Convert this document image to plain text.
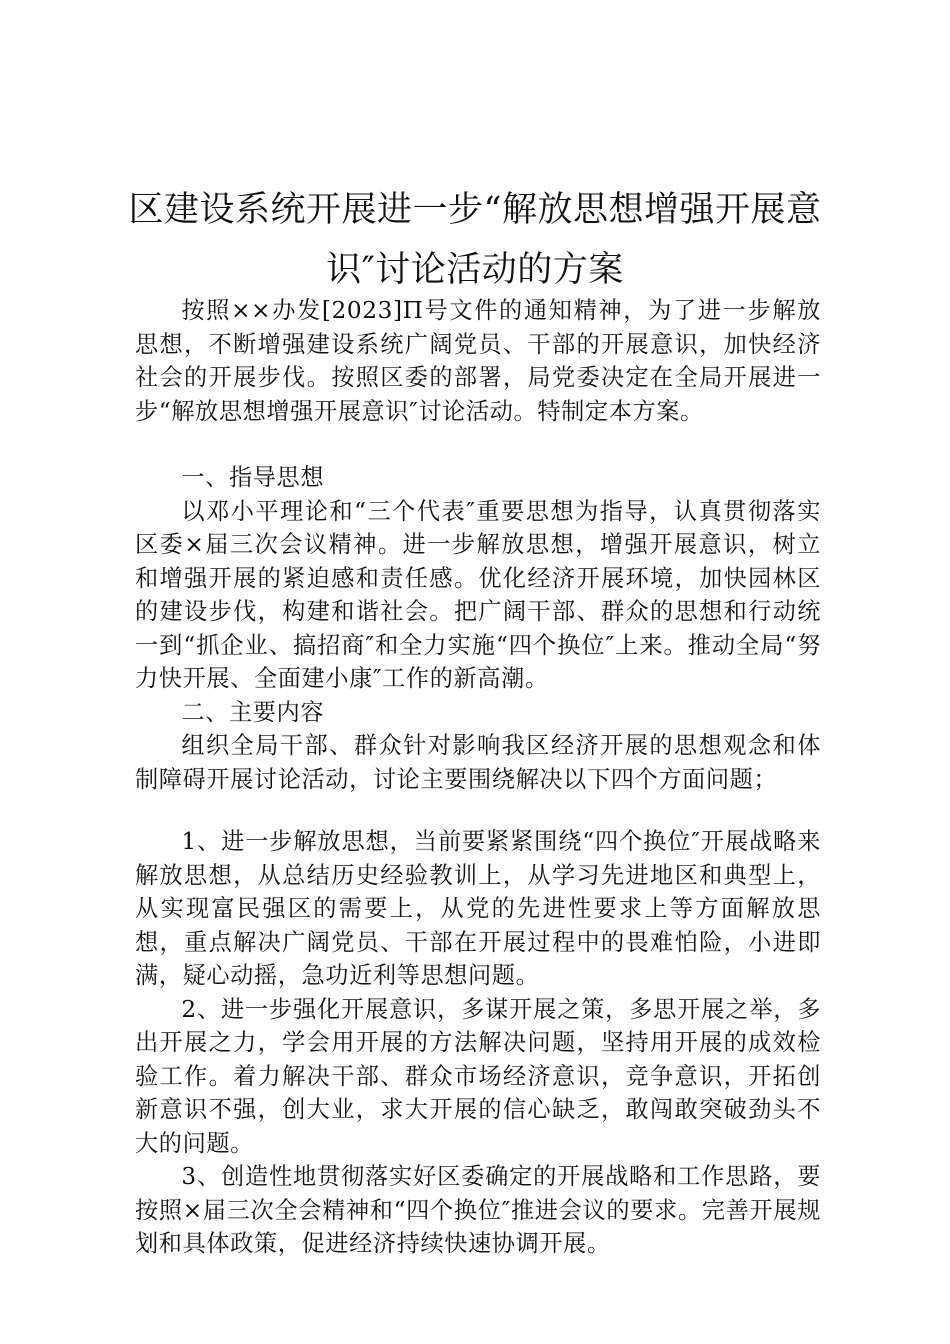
区建设系统开展进一步“解放思想增强开展意
识″讨论活动的方案

按照××办发[2023]Π号文件的通知精神，为了进一步解放思想，不断增强建设系统广阔党员、干部的开展意识，加快经济社会的开展步伐。按照区委的部署，局党委决定在全局开展进一步“解放思想增强开展意识″讨论活动。特制定本方案。

一、指导思想

以邓小平理论和“三个代表″重要思想为指导，认真贯彻落实区委×届三次会议精神。进一步解放思想，增强开展意识，树立和增强开展的紧迫感和责任感。优化经济开展环境，加快园林区的建设步伐，构建和谐社会。把广阔干部、群众的思想和行动统一到“抓企业、搞招商″和全力实施“四个换位″上来。推动全局“努力快开展、全面建小康″工作的新高潮。

二、主要内容

组织全局干部、群众针对影响我区经济开展的思想观念和体制障碍开展讨论活动，讨论主要围绕解决以下四个方面问题；

1、进一步解放思想，当前要紧紧围绕“四个换位″开展战略来解放思想，从总结历史经验教训上，从学习先进地区和典型上，从实现富民强区的需要上，从党的先进性要求上等方面解放思想，重点解决广阔党员、干部在开展过程中的畏难怕险，小进即满，疑心动摇，急功近利等思想问题。

2、进一步强化开展意识，多谋开展之策，多思开展之举，多出开展之力，学会用开展的方法解决问题，坚持用开展的成效检验工作。着力解决干部、群众市场经济意识，竞争意识，开拓创新意识不强，创大业，求大开展的信心缺乏，敢闯敢突破劲头不大的问题。

3、创造性地贯彻落实好区委确定的开展战略和工作思路，要按照×届三次全会精神和“四个换位″推进会议的要求。完善开展规划和具体政策，促进经济持续快速协调开展。
